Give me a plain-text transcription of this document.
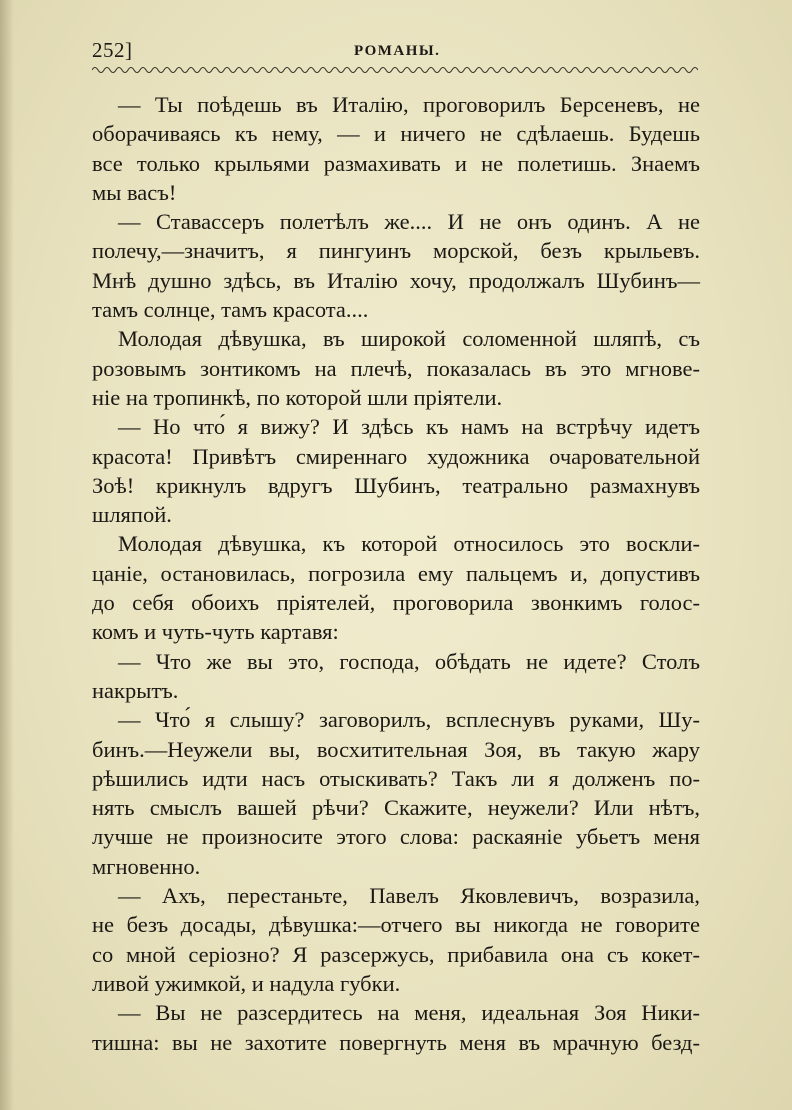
252]	РОМАНЫ.
— Ты поѣдешь въ Италію, проговорилъ Берсеневъ, не
оборачиваясь къ нему, — и ничего не сдѣлаешь. Будешь
все только крыльями размахивать и не полетишь. Знаемъ
мы васъ!
— Ставассеръ полетѣлъ же.... И не онъ одинъ. А не
полечу,—значитъ, я пингуинъ морской, безъ крыльевъ.
Мнѣ душно здѣсь, въ Италію хочу, продолжалъ Шубинъ—
тамъ солнце, тамъ красота....
Молодая дѣвушка, въ широкой соломенной шляпѣ, съ
розовымъ зонтикомъ на плечѣ, показалась въ это мгнове-
ніе на тропинкѣ, по которой шли пріятели.
— Но что́ я вижу? И здѣсь къ намъ на встрѣчу идетъ
красота! Привѣтъ смиреннаго художника очаровательной
Зоѣ! крикнулъ вдругъ Шубинъ, театрально размахнувъ
шляпой.
Молодая дѣвушка, къ которой относилось это воскли-
цаніе, остановилась, погрозила ему пальцемъ и, допустивъ
до себя обоихъ пріятелей, проговорила звонкимъ голос-
комъ и чуть-чуть картавя:
— Что же вы это, господа, обѣдать не идете? Столъ
накрытъ.
— Что́ я слышу? заговорилъ, всплеснувъ руками, Шу-
бинъ.—Неужели вы, восхитительная Зоя, въ такую жару
рѣшились идти насъ отыскивать? Такъ ли я долженъ по-
нять смыслъ вашей рѣчи? Скажите, неужели? Или нѣтъ,
лучше не произносите этого слова: раскаяніе убьетъ меня
мгновенно.
— Ахъ, перестаньте, Павелъ Яковлевичъ, возразила,
не безъ досады, дѣвушка:—отчего вы никогда не говорите
со мной серіозно? Я разсержусь, прибавила она съ кокет-
ливой ужимкой, и надула губки.
— Вы не разсердитесь на меня, идеальная Зоя Ники-
тишна: вы не захотите повергнуть меня въ мрачную безд-
